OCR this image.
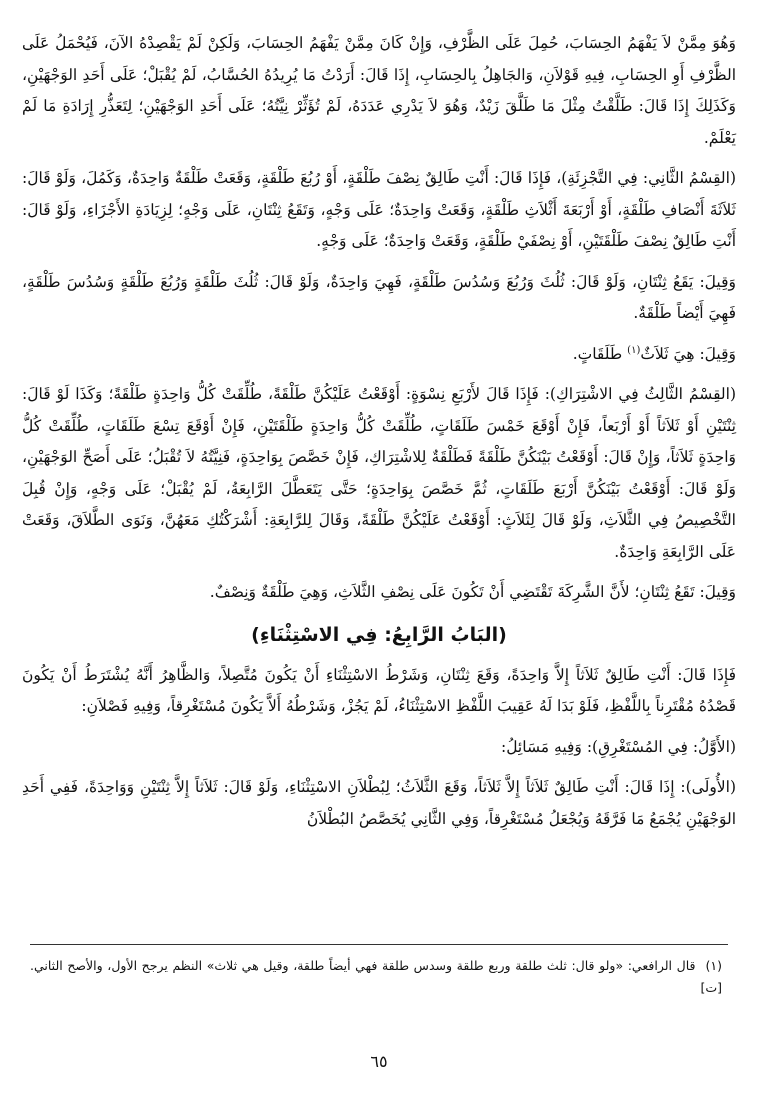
وَهُوَ مِمَّنْ لاَ يَفْهَمُ الحِسَابَ، حُمِلَ عَلَى الظَّرْفِ، وَإِنْ كَانَ مِمَّنْ يَفْهَمُ الحِسَابَ، وَلَكِنْ لَمْ يَقْصِدْهُ الآنَ، فَيُحْمَلُ عَلَى الظَّرْفِ أَوِ الحِسَابِ، فِيهِ قَوْلاَنِ، وَالجَاهِلُ بِالحِسَابِ، إِذَا قَالَ: أَرَدْتُ مَا يُرِيدُهُ الحُسَّابُ، لَمْ يُقْبَلْ؛ عَلَى أَحَدِ الوَجْهَيْنِ، وَكَذَلِكَ إِذَا قَالَ: طَلَّقْتُ مِثْلَ مَا طَلَّقَ زَيْدٌ، وَهُوَ لاَ يَدْرِي عَدَدَهُ، لَمْ تُؤَثِّرْ نِيَّتُهُ؛ عَلَى أَحَدِ الوَجْهَيْنِ؛ لِتَعَذُّرِ إِرَادَةِ مَا لَمْ يَعْلَمْ.

(القِسْمُ الثَّانِي: فِي التَّجْزِئَةِ)، فَإِذَا قَالَ: أَنْتِ طَالِقٌ نِصْفَ طَلْقَةٍ، أَوْ رُبُعَ طَلْقَةٍ، وَقَعَتْ طَلْقَةٌ وَاحِدَةٌ، وَكَمُلَ، وَلَوْ قَالَ: ثَلاَثَةَ أَنْصَافِ طَلْقَةٍ، أَوْ أَرْبَعَةَ أَثْلاَثِ طَلْقَةٍ، وَقَعَتْ وَاحِدَةٌ؛ عَلَى وَجْهٍ، وَتَقَعُ ثِنْتَانِ، عَلَى وَجْهٍ؛ لِزِيَادَةِ الأَجْزَاءِ، وَلَوْ قَالَ: أَنْتِ طَالِقٌ نِصْفَ طَلْقَتَيْنِ، أَوْ نِصْفَيْ طَلْقَةٍ، وَقَعَتْ وَاحِدَةٌ؛ عَلَى وَجْهٍ.

وَقِيلَ: يَقَعُ ثِنْتَانِ، وَلَوْ قَالَ: ثُلُثَ وَرُبُعَ وَسُدُسَ طَلْقَةٍ، فَهِيَ وَاحِدَةٌ، وَلَوْ قَالَ: ثُلُثَ طَلْقَةٍ وَرُبُعَ طَلْقَةٍ وَسُدُسَ طَلْقَةٍ، فَهِيَ أَيْضاً طَلْقَةٌ.

وَقِيلَ: هِيَ ثَلاَثٌ$^{(١)}$ طَلَقَاتٍ.

(القِسْمُ الثَّالِثُ فِي الاشْتِرَاكِ): فَإِذَا قَالَ لأَرْبَعِ نِسْوَةٍ: أَوْقَعْتُ عَلَيْكُنَّ طَلْقَةً، طُلِّقَتْ كُلُّ وَاحِدَةٍ طَلْقَةً؛ وَكَذَا لَوْ قَالَ: ثِنْتَيْنِ أَوْ ثَلاَثاً أَوْ أَرْبَعاً، فَإِنْ أَوْقَعَ خَمْسَ طَلَقَاتٍ، طُلِّقَتْ كُلُّ وَاحِدَةٍ طَلْقَتَيْنِ، فَإِنْ أَوْقَعَ تِسْعَ طَلَقَاتٍ، طُلِّقَتْ كُلُّ وَاحِدَةٍ ثَلاَثاً، وَإِنْ قَالَ: أَوْقَعْتُ بَيْنَكُنَّ طَلْقَةً فَطَلْقَةٌ لِلاشْتِرَاكِ، فَإِنْ خَصَّصَ بِوَاحِدَةٍ، فَنِيَّتُهُ لاَ تُقْبَلُ؛ عَلَى أَصَحِّ الوَجْهَيْنِ، وَلَوْ قَالَ: أَوْقَعْتُ بَيْنَكُنَّ أَرْبَعَ طَلَقَاتٍ، ثُمَّ خَصَّصَ بِوَاحِدَةٍ؛ حَتَّى يَتَعَطَّلَ الرَّابِعَةُ، لَمْ يُقْبَلْ؛ عَلَى وَجْهٍ، وَإِنْ قُبِلَ التَّخْصِيصُ فِي الثَّلاَثِ، وَلَوْ قَالَ لِثَلاَثٍ: أَوْقَعْتُ عَلَيْكُنَّ طَلْقَةً، وَقَالَ لِلرَّابِعَةِ: أَشْرَكْتُكِ مَعَهُنَّ، وَنَوَى الطَّلاَقَ، وَقَعَتْ عَلَى الرَّابِعَةِ وَاحِدَةٌ.

وَقِيلَ: تَقَعُ ثِنْتَانِ؛ لأَنَّ الشَّرِكَةَ تَقْتَضِي أَنْ تَكُونَ عَلَى نِصْفِ الثَّلاَثِ، وَهِيَ طَلْقَةٌ وَنِصْفٌ.

(البَابُ الرَّابِعُ: فِي الاسْتِثْنَاءِ)

فَإِذَا قَالَ: أَنْتِ طَالِقٌ ثَلاَثاً إِلاَّ وَاحِدَةً، وَقَعَ ثِنْتَانِ، وَشَرْطُ الاسْتِثْنَاءِ أَنْ يَكُونَ مُتَّصِلاً، وَالظَّاهِرُ أَنَّهُ يُشْتَرَطُ أَنْ يَكُونَ قَصْدُهُ مُقْتَرِناً بِاللَّفْظِ، فَلَوْ بَدَا لَهُ عَقِيبَ اللَّفْظِ الاسْتِثْنَاءُ، لَمْ يَجُزْ، وَشَرْطُهُ أَلاَّ يَكُونَ مُسْتَغْرِقاً، وَفِيهِ فَصْلاَنِ:

(الأَوَّلُ: فِي المُسْتَغْرِقِ): وَفِيهِ مَسَائِلُ:

(الأُولَى): إِذَا قَالَ: أَنْتِ طَالِقٌ ثَلاَثاً إِلاَّ ثَلاَثاً، وَقَعَ الثَّلاَثُ؛ لِبُطْلاَنِ الاسْتِثْنَاءِ، وَلَوْ قَالَ: ثَلاَثاً إِلاَّ ثِنْتَيْنِ وَوَاحِدَةً، فَفِي أَحَدِ الوَجْهَيْنِ يُجْمَعُ مَا فَرَّقَهُ وَيُجْعَلُ مُسْتَغْرِقاً، وَفِي الثَّانِي يُخَصَّصُ البُطْلاَنُ

(١)قال الرافعي: «ولو قال: ثلث طلقة وربع طلقة وسدس طلقة فهي أيضاً طلقة، وقيل هي ثلاث» النظم يرجح الأول، والأصح الثاني. [ت]
٦٥
